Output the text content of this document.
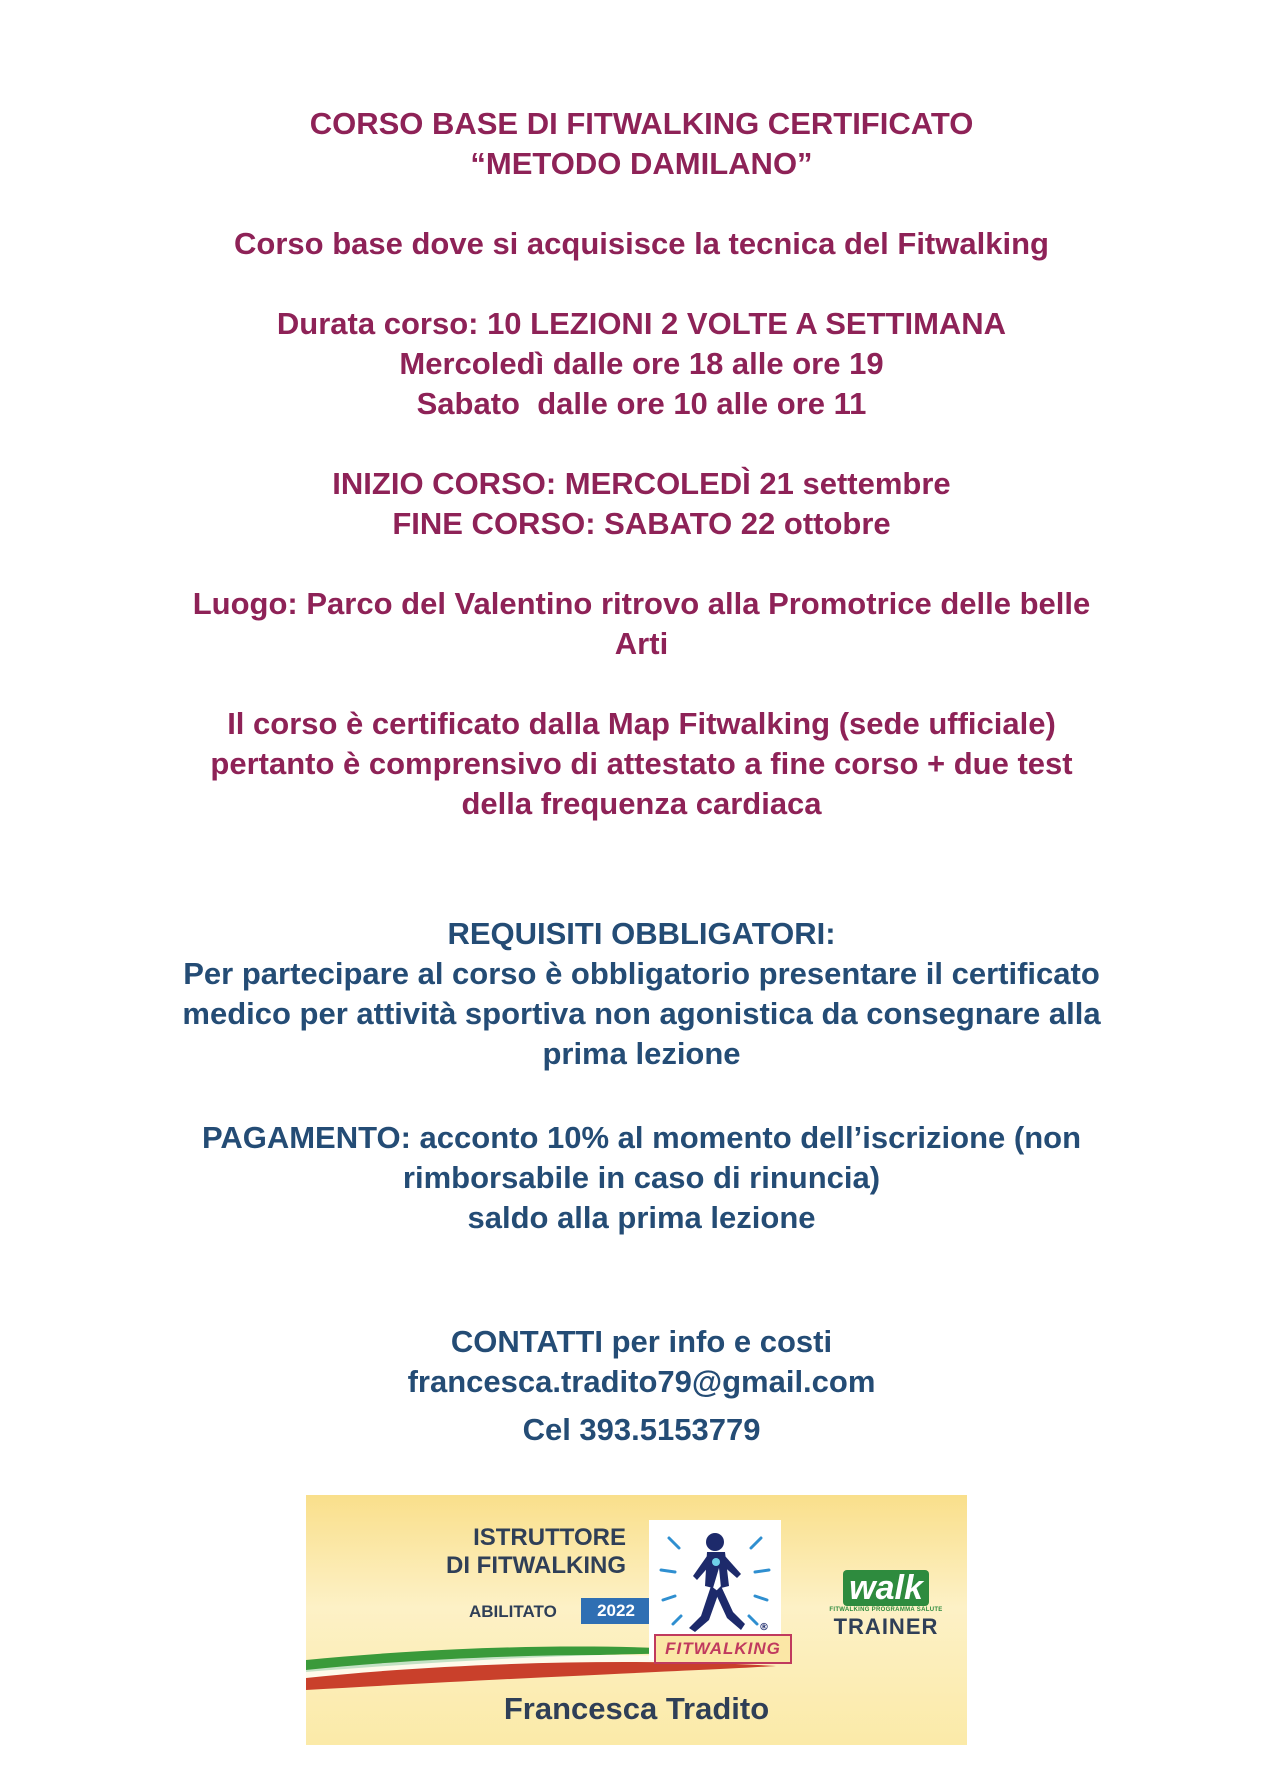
CORSO BASE DI FITWALKING CERTIFICATO
“METODO DAMILANO”

Corso base dove si acquisisce la tecnica del Fitwalking

Durata corso: 10 LEZIONI 2 VOLTE A SETTIMANA
Mercoledì dalle ore 18 alle ore 19
Sabato  dalle ore 10 alle ore 11

INIZIO CORSO: MERCOLEDÌ 21 settembre
FINE CORSO: SABATO 22 ottobre

Luogo: Parco del Valentino ritrovo alla Promotrice delle belle
Arti

Il corso è certificato dalla Map Fitwalking (sede ufficiale)
pertanto è comprensivo di attestato a fine corso + due test
della frequenza cardiaca
REQUISITI OBBLIGATORI:
Per partecipare al corso è obbligatorio presentare il certificato
medico per attività sportiva non agonistica da consegnare alla
prima lezione
PAGAMENTO: acconto 10% al momento dell’iscrizione (non
rimborsabile in caso di rinuncia)
saldo alla prima lezione
CONTATTI per info e costi
francesca.tradito79@gmail.com
Cel 393.5153779
ISTRUTTORE
DI FITWALKING
ABILITATO	2022
®
FITWALKING
walk
FITWALKING PROGRAMMA SALUTE
TRAINER
Francesca Tradito
